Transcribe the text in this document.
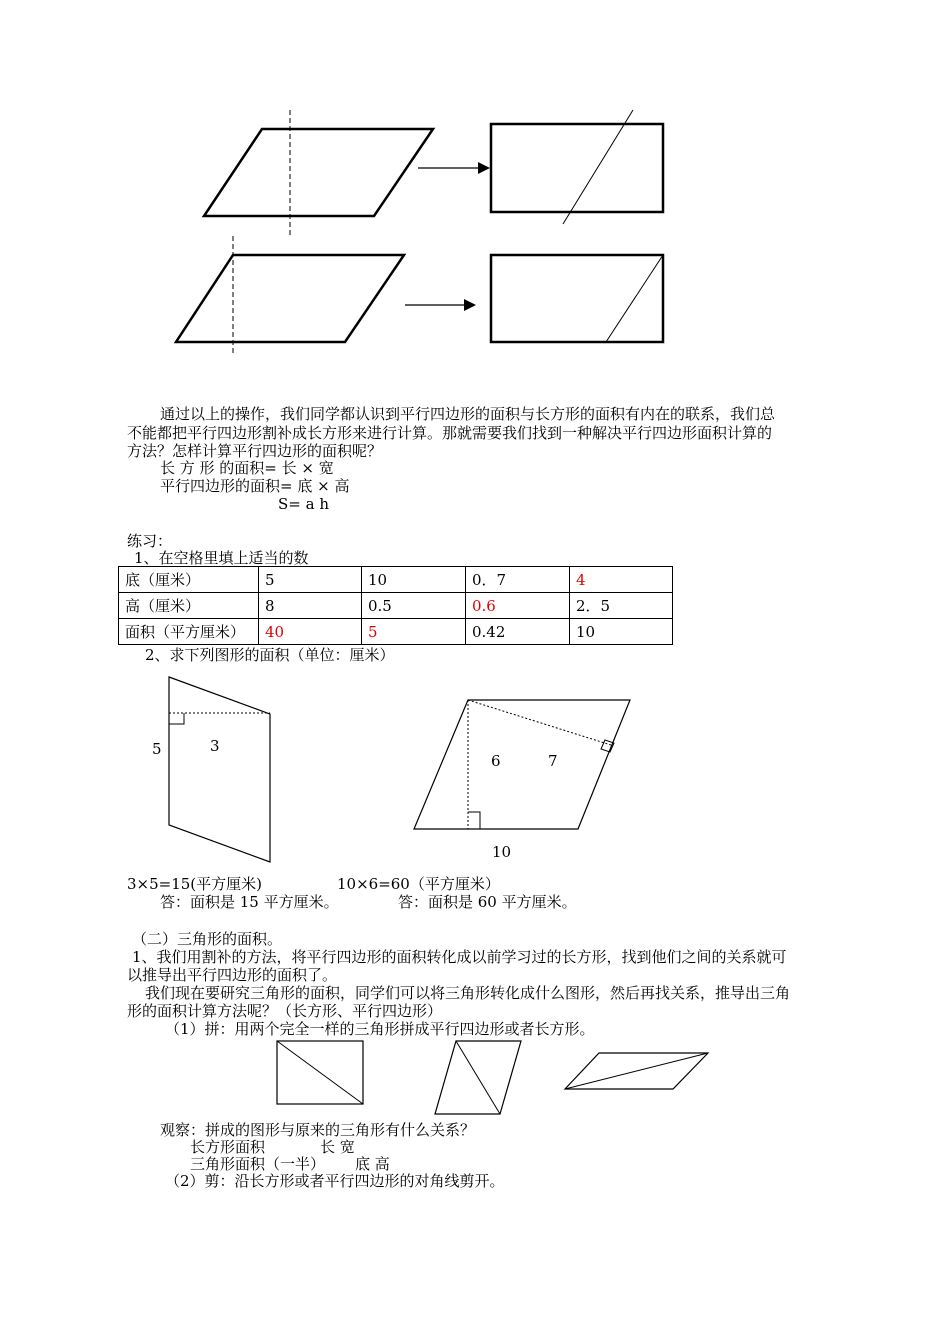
通过以上的操作，我们同学都认识到平行四边形的面积与长方形的面积有内在的联系，我们总
不能都把平行四边形割补成长方形来进行计算。那就需要我们找到一种解决平行四边形面积计算的
方法？怎样计算平行四边形的面积呢？
长 方 形 的面积= 长 × 宽
平行四边形的面积= 底 × 高
S= a h
练习：
1、在空格里填上适当的数
底（厘米）	5	10	0．7	4
高（厘米）	8	0.5	0.6	2．5
面积（平方厘米）	40	5	0.42	10
2、求下列图形的面积（单位：厘米）
5	3
6	7
10
3×5=15(平方厘米)	10×6=60（平方厘米）
答：面积是 15 平方厘米。	答：面积是 60 平方厘米。
（二）三角形的面积。
1、我们用割补的方法，将平行四边形的面积转化成以前学习过的长方形，找到他们之间的关系就可
以推导出平行四边形的面积了。
我们现在要研究三角形的面积，同学们可以将三角形转化成什么图形，然后再找关系，推导出三角
形的面积计算方法呢？（长方形、平行四边形）
（1）拼：用两个完全一样的三角形拼成平行四边形或者长方形。
观察：拼成的图形与原来的三角形有什么关系？
长方形面积	长 宽
三角形面积（一半） 底 高
（2）剪：沿长方形或者平行四边形的对角线剪开。
